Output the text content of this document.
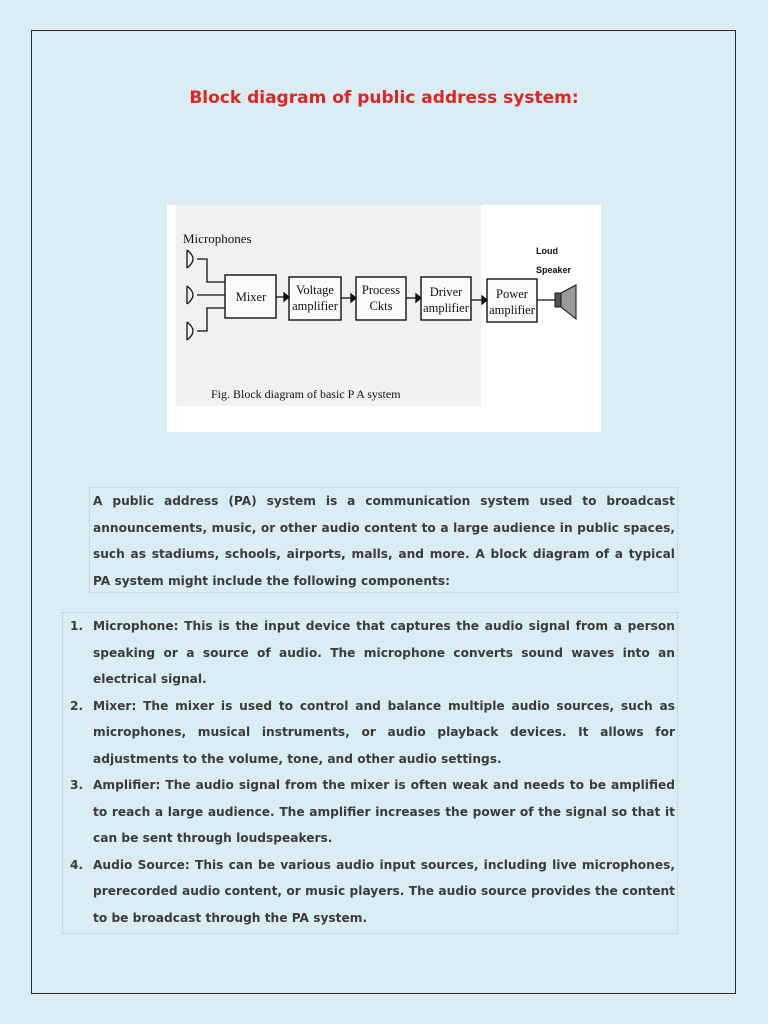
Block diagram of public address system:
Microphones
Mixer Voltage
amplifier
Process
Ckts
Driver
amplifier
Power
amplifier
Loud
Speaker
Fig. Block diagram of basic P A system
A public address (PA) system is a communication system used to broadcast announcements, music, or other audio content to a large audience in public spaces, such as stadiums, schools, airports, malls, and more. A block diagram of a typical PA system might include the following components:
1. Microphone: This is the input device that captures the audio signal from a person speaking or a source of audio. The microphone converts sound waves into an electrical signal.
2. Mixer: The mixer is used to control and balance multiple audio sources, such as microphones, musical instruments, or audio playback devices. It allows for adjustments to the volume, tone, and other audio settings.
3. Amplifier: The audio signal from the mixer is often weak and needs to be amplified to reach a large audience. The amplifier increases the power of the signal so that it can be sent through loudspeakers.
4. Audio Source: This can be various audio input sources, including live microphones, prerecorded audio content, or music players. The audio source provides the content to be broadcast through the PA system.
